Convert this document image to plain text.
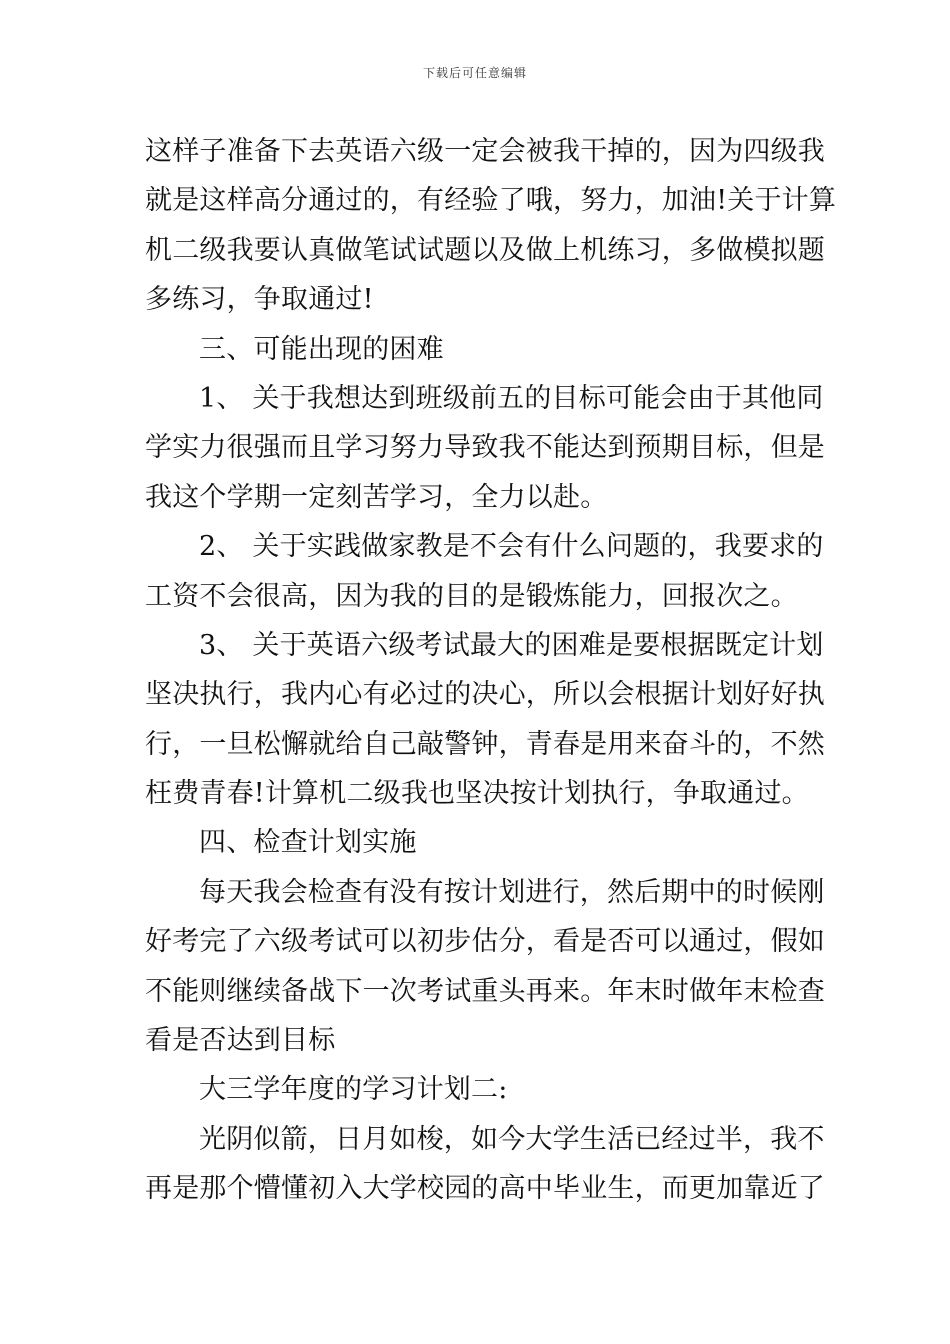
下载后可任意编辑
这样子准备下去英语六级一定会被我干掉的，因为四级我
就是这样高分通过的，有经验了哦，努力，加油!关于计算
机二级我要认真做笔试试题以及做上机练习，多做模拟题
多练习，争取通过!
三、可能出现的困难
1、 关于我想达到班级前五的目标可能会由于其他同
学实力很强而且学习努力导致我不能达到预期目标，但是
我这个学期一定刻苦学习，全力以赴。
2、 关于实践做家教是不会有什么问题的，我要求的
工资不会很高，因为我的目的是锻炼能力，回报次之。
3、 关于英语六级考试最大的困难是要根据既定计划
坚决执行，我内心有必过的决心，所以会根据计划好好执
行，一旦松懈就给自己敲警钟，青春是用来奋斗的，不然
枉费青春!计算机二级我也坚决按计划执行，争取通过。
四、检查计划实施
每天我会检查有没有按计划进行，然后期中的时候刚
好考完了六级考试可以初步估分，看是否可以通过，假如
不能则继续备战下一次考试重头再来。年末时做年末检查
看是否达到目标
大三学年度的学习计划二:
光阴似箭，日月如梭，如今大学生活已经过半，我不
再是那个懵懂初入大学校园的高中毕业生，而更加靠近了
